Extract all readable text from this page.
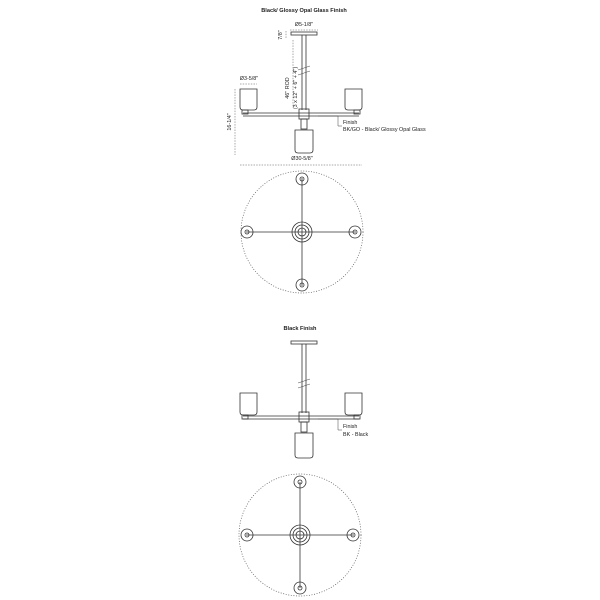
Black/ Glossy Opal Glass Finish
Ø5-1/8"
7/8"
46" ROD (3 x 12" + 6" + 4")
Ø3-5/8"
16-1/4"
Ø30-5/8"
Finish
BK/GO - Black/ Glossy Opal Glass
Black Finish
Finish
BK - Black
